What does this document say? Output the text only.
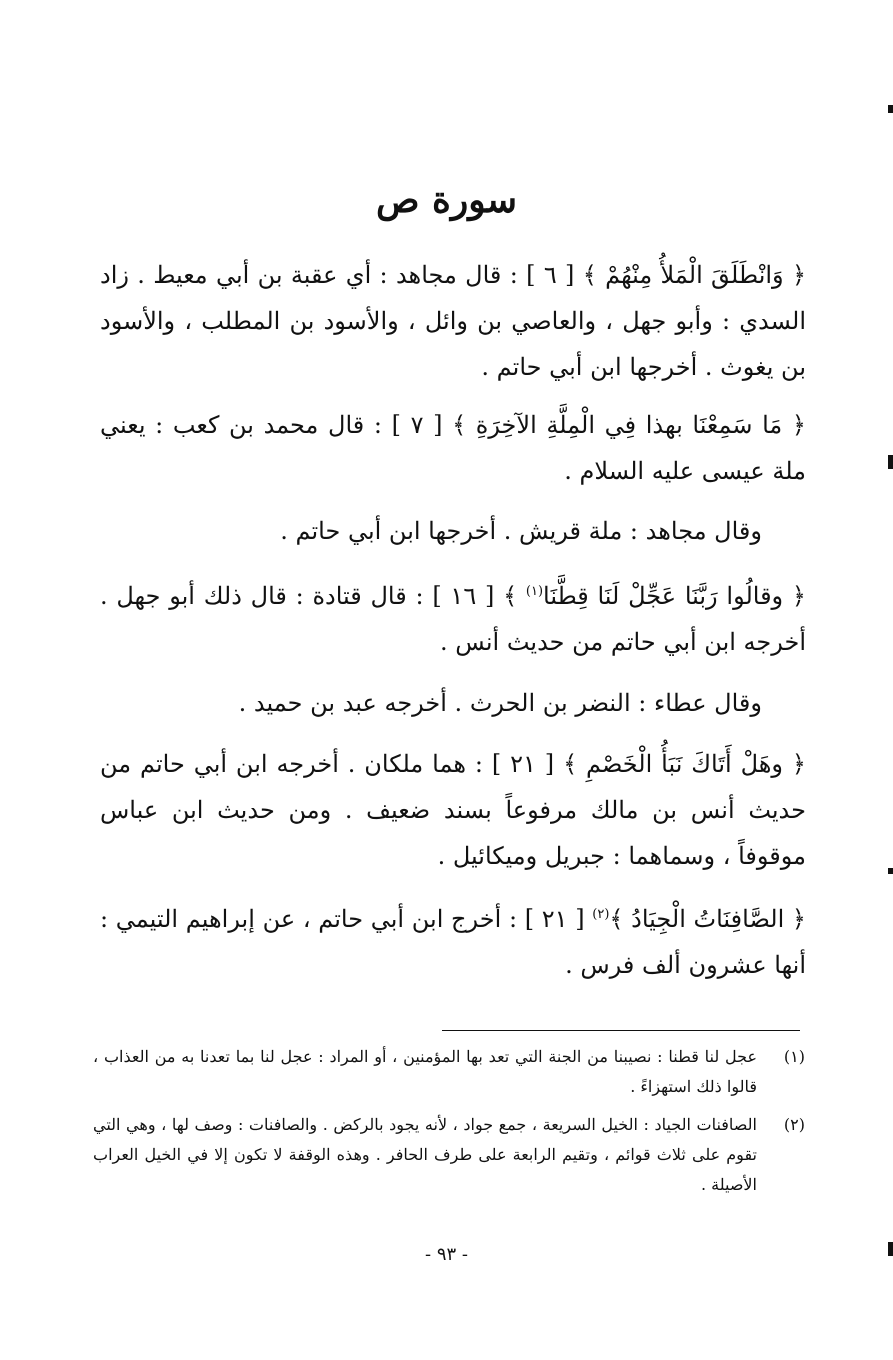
سورة ص

﴿ وَانْطَلَقَ الْمَلأُ مِنْهُمْ ﴾ [ ٦ ] : قال مجاهد : أي عقبة بن أبي معيط . زاد السدي : وأبو جهل ، والعاصي بن وائل ، والأسود بن المطلب ، والأسود بن يغوث . أخرجها ابن أبي حاتم .

﴿ مَا سَمِعْنَا بهذا فِي الْمِلَّةِ الآخِرَةِ ﴾ [ ٧ ] : قال محمد بن كعب : يعني ملة عيسى عليه السلام .

وقال مجاهد : ملة قريش . أخرجها ابن أبي حاتم .

﴿ وقالُوا رَبَّنَا عَجِّلْ لَنَا قِطَّنَا$^{(١)}$ ﴾ [ ١٦ ] : قال قتادة : قال ذلك أبو جهل . أخرجه ابن أبي حاتم من حديث أنس .

وقال عطاء : النضر بن الحرث . أخرجه عبد بن حميد .

﴿ وهَلْ أَتَاكَ نَبَأُ الْخَصْمِ ﴾ [ ٢١ ] : هما ملكان . أخرجه ابن أبي حاتم من حديث أنس بن مالك مرفوعاً بسند ضعيف . ومن حديث ابن عباس موقوفاً ، وسماهما : جبريل وميكائيل .

﴿ الصَّافِنَاتُ الْجِيَادُ ﴾$^{(٢)}$ [ ٢١ ] : أخرج ابن أبي حاتم ، عن إبراهيم التيمي : أنها عشرون ألف فرس .

(١)
عجل لنا قطنا : نصيبنا من الجنة التي تعد بها المؤمنين ، أو المراد : عجل لنا بما تعدنا به من العذاب ، قالوا ذلك استهزاءً .
(٢)
الصافنات الجياد : الخيل السريعة ، جمع جواد ، لأنه يجود بالركض . والصافنات : وصف لها ، وهي التي تقوم على ثلاث قوائم ، وتقيم الرابعة على طرف الحافر . وهذه الوقفة لا تكون إلا في الخيل العراب الأصيلة .
- ٩٣ -
